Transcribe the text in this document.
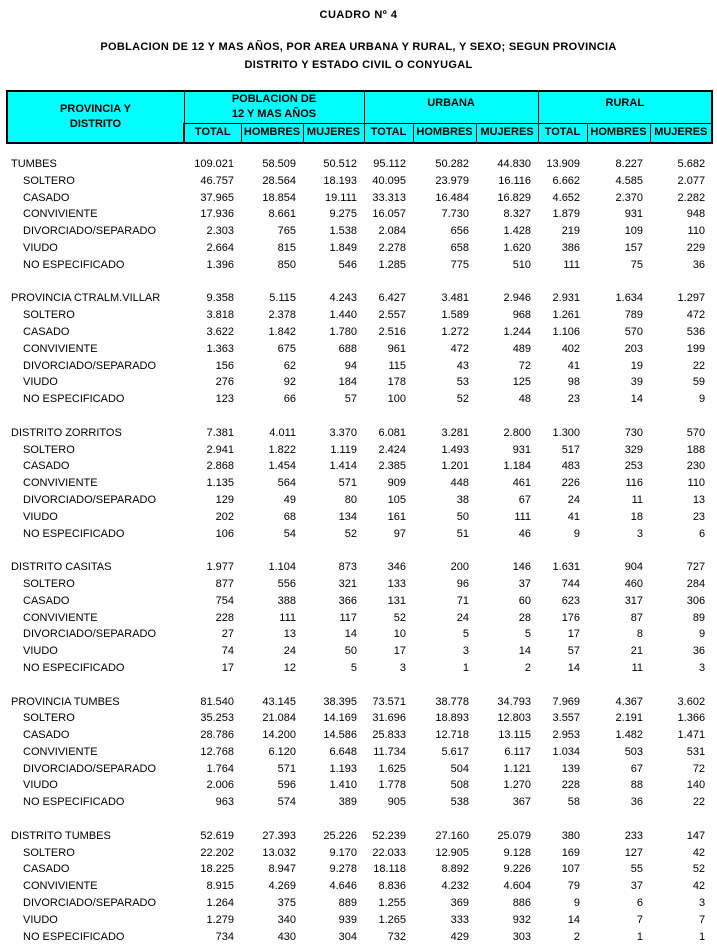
CUADRO Nº 4
POBLACION DE 12 Y MAS AÑOS, POR AREA URBANA Y RURAL, Y SEXO; SEGUN PROVINCIA
DISTRITO Y ESTADO CIVIL O CONYUGAL
PROVINCIA Y
DISTRITO

POBLACION DE
12 Y MAS AÑOS
	URBANA	RURAL
	TOTAL	HOMBRES	MUJERES	TOTAL	HOMBRES	MUJERES	TOTAL	HOMBRES	MUJERES

TUMBES	109.021	58.509	50.512	95.112	50.282	44.830	13.909	8.227	5.682
SOLTERO	46.757	28.564	18.193	40.095	23.979	16.116	6.662	4.585	2.077
CASADO	37.965	18.854	19.111	33.313	16.484	16.829	4.652	2.370	2.282
CONVIVIENTE	17.936	8.661	9.275	16.057	7.730	8.327	1.879	931	948
DIVORCIADO/SEPARADO	2.303	765	1.538	2.084	656	1.428	219	109	110
VIUDO	2.664	815	1.849	2.278	658	1.620	386	157	229
NO ESPECIFICADO	1.396	850	546	1.285	775	510	111	75	36

PROVINCIA CTRALM.VILLAR	9.358	5.115	4.243	6.427	3.481	2.946	2.931	1.634	1.297
SOLTERO	3.818	2.378	1.440	2.557	1.589	968	1.261	789	472
CASADO	3.622	1.842	1.780	2.516	1.272	1.244	1.106	570	536
CONVIVIENTE	1.363	675	688	961	472	489	402	203	199
DIVORCIADO/SEPARADO	156	62	94	115	43	72	41	19	22
VIUDO	276	92	184	178	53	125	98	39	59
NO ESPECIFICADO	123	66	57	100	52	48	23	14	9

DISTRITO ZORRITOS	7.381	4.011	3.370	6.081	3.281	2.800	1.300	730	570
SOLTERO	2.941	1.822	1.119	2.424	1.493	931	517	329	188
CASADO	2.868	1.454	1.414	2.385	1.201	1.184	483	253	230
CONVIVIENTE	1.135	564	571	909	448	461	226	116	110
DIVORCIADO/SEPARADO	129	49	80	105	38	67	24	11	13
VIUDO	202	68	134	161	50	111	41	18	23
NO ESPECIFICADO	106	54	52	97	51	46	9	3	6

DISTRITO CASITAS	1.977	1.104	873	346	200	146	1.631	904	727
SOLTERO	877	556	321	133	96	37	744	460	284
CASADO	754	388	366	131	71	60	623	317	306
CONVIVIENTE	228	111	117	52	24	28	176	87	89
DIVORCIADO/SEPARADO	27	13	14	10	5	5	17	8	9
VIUDO	74	24	50	17	3	14	57	21	36
NO ESPECIFICADO	17	12	5	3	1	2	14	11	3

PROVINCIA TUMBES	81.540	43.145	38.395	73.571	38.778	34.793	7.969	4.367	3.602
SOLTERO	35.253	21.084	14.169	31.696	18.893	12.803	3.557	2.191	1.366
CASADO	28.786	14.200	14.586	25.833	12.718	13.115	2.953	1.482	1.471
CONVIVIENTE	12.768	6.120	6.648	11.734	5.617	6.117	1.034	503	531
DIVORCIADO/SEPARADO	1.764	571	1.193	1.625	504	1.121	139	67	72
VIUDO	2.006	596	1.410	1.778	508	1.270	228	88	140
NO ESPECIFICADO	963	574	389	905	538	367	58	36	22

DISTRITO TUMBES	52.619	27.393	25.226	52.239	27.160	25.079	380	233	147
SOLTERO	22.202	13.032	9.170	22.033	12.905	9.128	169	127	42
CASADO	18.225	8.947	9.278	18.118	8.892	9.226	107	55	52
CONVIVIENTE	8.915	4.269	4.646	8.836	4.232	4.604	79	37	42
DIVORCIADO/SEPARADO	1.264	375	889	1.255	369	886	9	6	3
VIUDO	1.279	340	939	1.265	333	932	14	7	7
NO ESPECIFICADO	734	430	304	732	429	303	2	1	1
